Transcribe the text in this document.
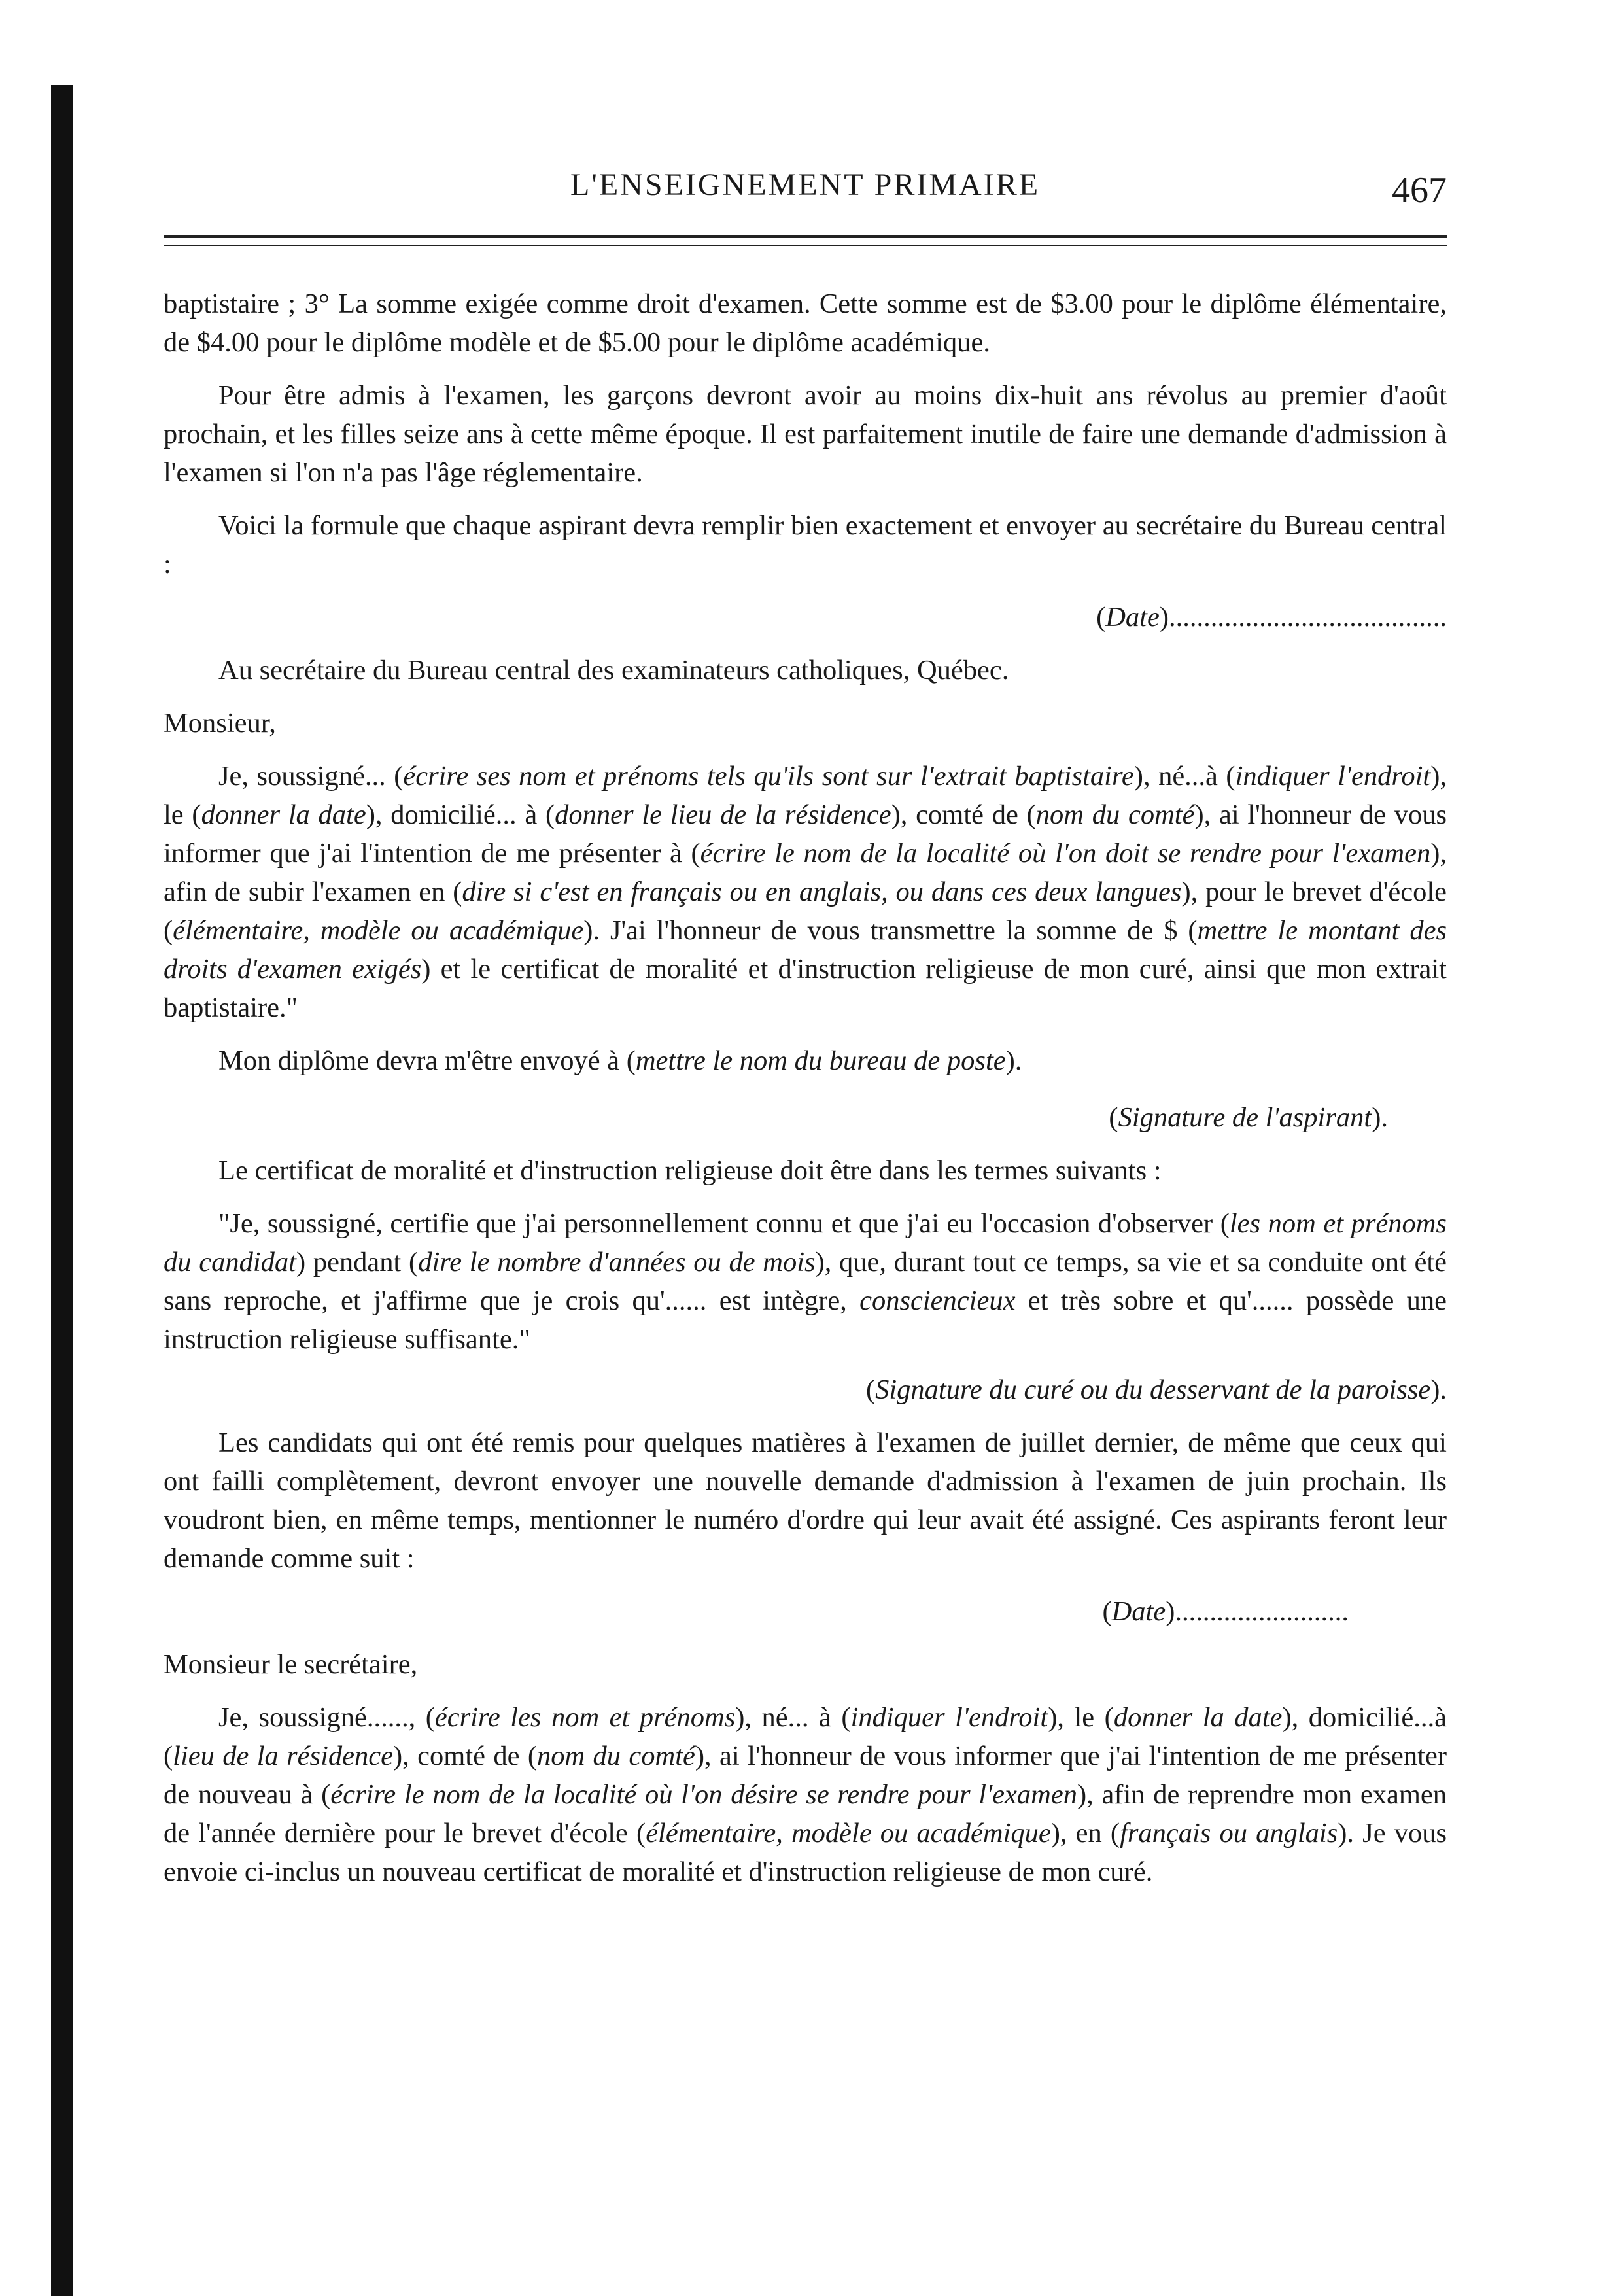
L'ENSEIGNEMENT PRIMAIRE	467

baptistaire ; 3° La somme exigée comme droit d'examen. Cette somme est de $3.00 pour le diplôme élémentaire, de $4.00 pour le diplôme modèle et de $5.00 pour le diplôme académique.

Pour être admis à l'examen, les garçons devront avoir au moins dix-huit ans révolus au premier d'août prochain, et les filles seize ans à cette même époque. Il est parfaitement inutile de faire une demande d'admission à l'examen si l'on n'a pas l'âge réglementaire.

Voici la formule que chaque aspirant devra remplir bien exactement et envoyer au secrétaire du Bureau central :

(Date)........................................

Au secrétaire du Bureau central des examinateurs catholiques, Québec.

Monsieur,

Je, soussigné... (écrire ses nom et prénoms tels qu'ils sont sur l'extrait baptistaire), né...à (indiquer l'endroit), le (donner la date), domicilié... à (donner le lieu de la résidence), comté de (nom du comté), ai l'honneur de vous informer que j'ai l'intention de me présenter à (écrire le nom de la localité où l'on doit se rendre pour l'examen), afin de subir l'examen en (dire si c'est en français ou en anglais, ou dans ces deux langues), pour le brevet d'école (élémentaire, modèle ou académique). J'ai l'honneur de vous transmettre la somme de $ (mettre le montant des droits d'examen exigés) et le certificat de moralité et d'instruction religieuse de mon curé, ainsi que mon extrait baptistaire."

Mon diplôme devra m'être envoyé à (mettre le nom du bureau de poste).

(Signature de l'aspirant).

Le certificat de moralité et d'instruction religieuse doit être dans les termes suivants :

"Je, soussigné, certifie que j'ai personnellement connu et que j'ai eu l'occasion d'observer (les nom et prénoms du candidat) pendant (dire le nombre d'années ou de mois), que, durant tout ce temps, sa vie et sa conduite ont été sans reproche, et j'affirme que je crois qu'...... est intègre, consciencieux et très sobre et qu'...... possède une instruction religieuse suffisante."

(Signature du curé ou du desservant de la paroisse).

Les candidats qui ont été remis pour quelques matières à l'examen de juillet dernier, de même que ceux qui ont failli complètement, devront envoyer une nouvelle demande d'admission à l'examen de juin prochain. Ils voudront bien, en même temps, mentionner le numéro d'ordre qui leur avait été assigné. Ces aspirants feront leur demande comme suit :

(Date).........................

Monsieur le secrétaire,

Je, soussigné......, (écrire les nom et prénoms), né... à (indiquer l'endroit), le (donner la date), domicilié...à (lieu de la résidence), comté de (nom du comté), ai l'honneur de vous informer que j'ai l'intention de me présenter de nouveau à (écrire le nom de la localité où l'on désire se rendre pour l'examen), afin de reprendre mon examen de l'année dernière pour le brevet d'école (élémentaire, modèle ou académique), en (français ou anglais). Je vous envoie ci-inclus un nouveau certificat de moralité et d'instruction religieuse de mon curé.
